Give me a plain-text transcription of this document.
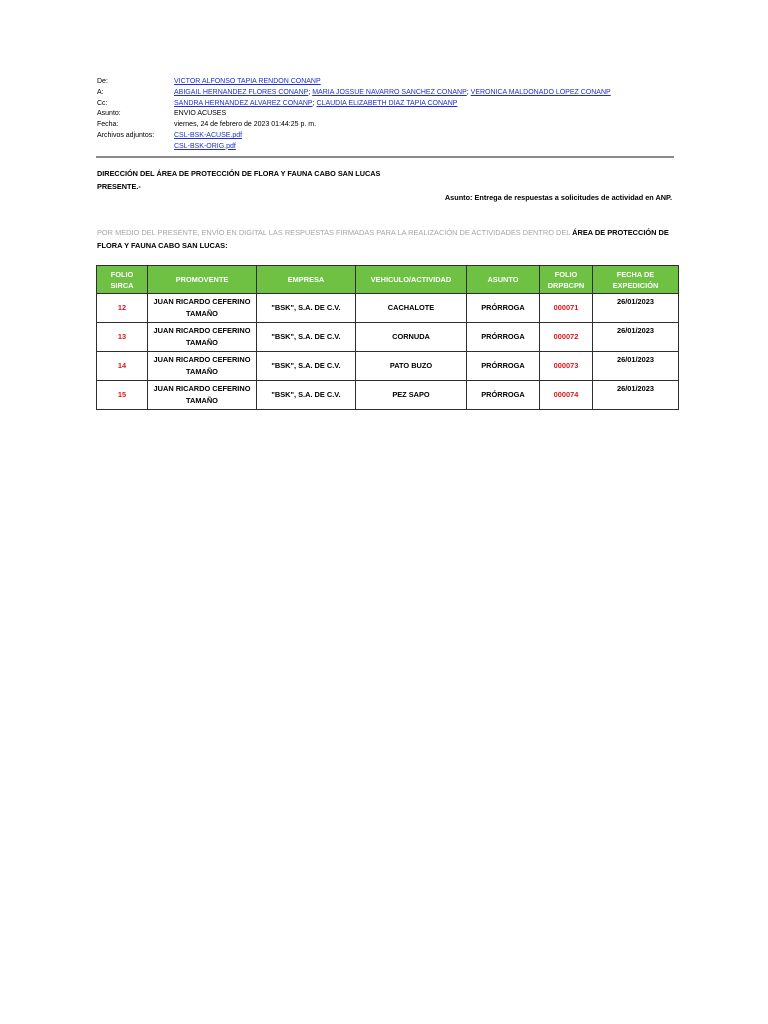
De:	VICTOR ALFONSO TAPIA RENDON CONANP
A:	ABIGAIL HERNANDEZ FLORES CONANP; MARIA JOSSUE NAVARRO SANCHEZ CONANP; VERONICA MALDONADO LOPEZ CONANP
Cc:	SANDRA HERNANDEZ ALVAREZ CONANP; CLAUDIA ELIZABETH DIAZ TAPIA CONANP
Asunto:	ENVIO ACUSES
Fecha:	viernes, 24 de febrero de 2023 01:44:25 p. m.
Archivos adjuntos:	CSL-BSK-ACUSE.pdf
CSL-BSK-ORIG.pdf
DIRECCIÓN DEL ÁREA DE PROTECCIÓN DE FLORA Y FAUNA CABO SAN LUCAS
PRESENTE.-
Asunto: Entrega de respuestas a solicitudes de actividad en ANP.
POR MEDIO DEL PRESENTE, ENVÍO EN DIGITAL LAS RESPUESTAS FIRMADAS PARA LA REALIZACIÓN DE ACTIVIDADES DENTRO DEL ÁREA DE PROTECCIÓN DE FLORA Y FAUNA CABO SAN LUCAS:
FOLIO SIRCA	PROMOVENTE	EMPRESA	VEHICULO/ACTIVIDAD	ASUNTO	FOLIO DRPBCPN	FECHA DE EXPEDICIÓN
12	JUAN RICARDO CEFERINO TAMAÑO	"BSK", S.A. DE C.V.	CACHALOTE	PRÓRROGA	000071	26/01/2023
13	JUAN RICARDO CEFERINO TAMAÑO	"BSK", S.A. DE C.V.	CORNUDA	PRÓRROGA	000072	26/01/2023
14	JUAN RICARDO CEFERINO TAMAÑO	"BSK", S.A. DE C.V.	PATO BUZO	PRÓRROGA	000073	26/01/2023
15	JUAN RICARDO CEFERINO TAMAÑO	"BSK", S.A. DE C.V.	PEZ SAPO	PRÓRROGA	000074	26/01/2023
